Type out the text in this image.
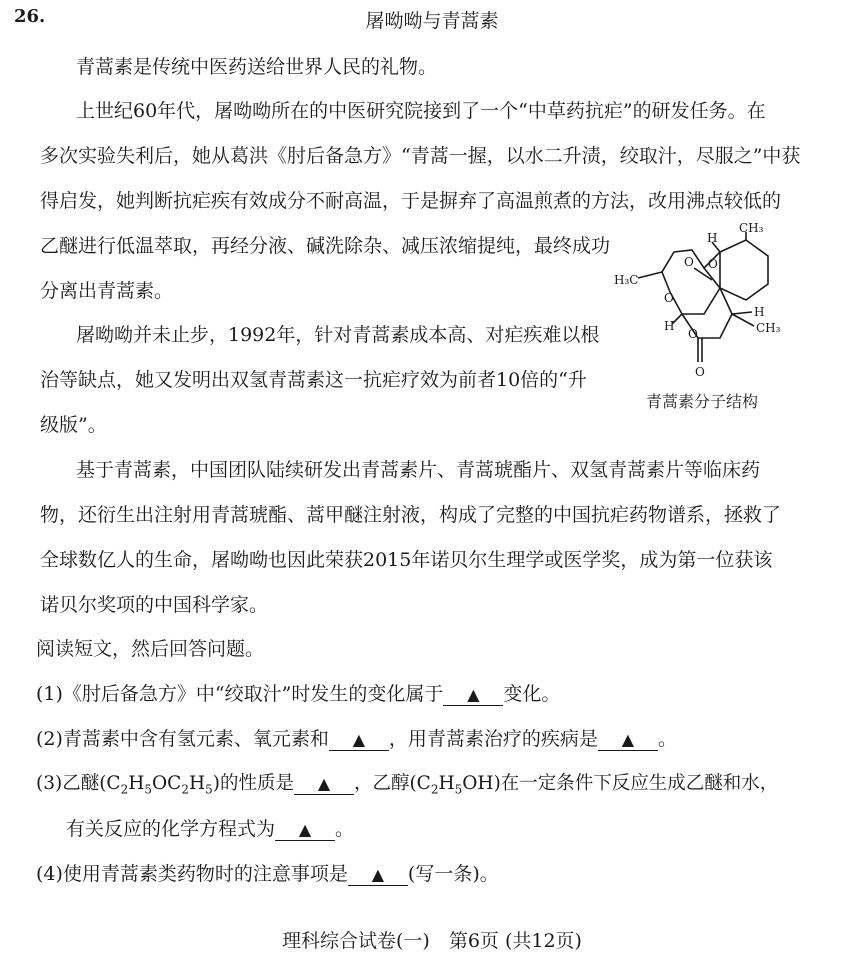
26.	屠呦呦与青蒿素
青蒿素是传统中医药送给世界人民的礼物。
上世纪60年代，屠呦呦所在的中医研究院接到了一个“中草药抗疟”的研发任务。在
多次实验失利后，她从葛洪《肘后备急方》“青蒿一握，以水二升渍，绞取汁，尽服之”中获
得启发，她判断抗疟疾有效成分不耐高温，于是摒弃了高温煎煮的方法，改用沸点较低的
乙醚进行低温萃取，再经分液、碱洗除杂、减压浓缩提纯，最终成功
分离出青蒿素。
屠呦呦并未止步，1992年，针对青蒿素成本高、对疟疾难以根
治等缺点，她又发明出双氢青蒿素这一抗疟疗效为前者10倍的“升
级版”。
基于青蒿素，中国团队陆续研发出青蒿素片、青蒿琥酯片、双氢青蒿素片等临床药
物，还衍生出注射用青蒿琥酯、蒿甲醚注射液，构成了完整的中国抗疟药物谱系，拯救了
全球数亿人的生命，屠呦呦也因此荣获2015年诺贝尔生理学或医学奖，成为第一位获该
诺贝尔奖项的中国科学家。
CH₃
H
H₃C
O O
O
H
H
O	CH₃
O
青蒿素分子结构
阅读短文，然后回答问题。
(1)《肘后备急方》中“绞取汁”时发生的变化属于 ▲ 变化。
(2)青蒿素中含有氢元素、氧元素和 ▲ ，用青蒿素治疗的疾病是 ▲ 。
(3)乙醚$(C_2H_5OC_2H_5)$的性质是 ▲ ，乙醇$(C_2H_5OH)$在一定条件下反应生成乙醚和水，
有关反应的化学方程式为 ▲ 。
(4)使用青蒿素类药物时的注意事项是 ▲ (写一条)。
理科综合试卷(一)　第6页 (共12页)
